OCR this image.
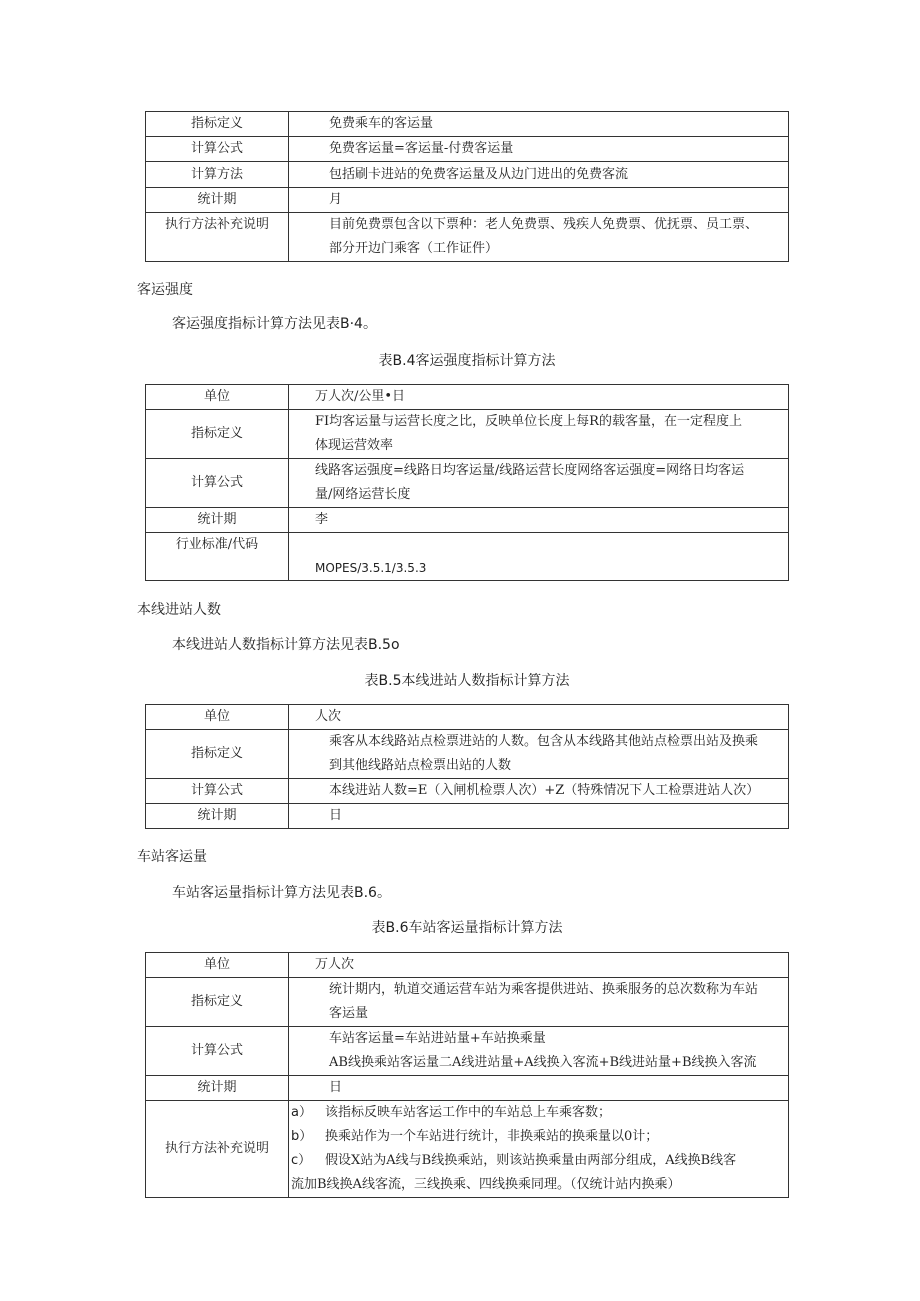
指标定义	免费乘车的客运量
计算公式	免费客运量=客运量-付费客运量
计算方法	包括刷卡进站的免费客运量及从边门进出的免费客流
统计期	月
执行方法补充说明	目前免费票包含以下票种：老人免费票、残疾人免费票、优抚票、员工票、
部分开边门乘客（工作证件）
客运强度
客运强度指标计算方法见表B·4。
表B.4客运强度指标计算方法
单位	万人次/公里•日
指标定义	FI均客运量与运营长度之比，反映单位长度上每R的载客量，在一定程度上
体现运营效率

计算公式	线路客运强度=线路日均客运量/线路运营长度网络客运强度=网络日均客运
量/网络运营长度

统计期	李
行业标准/代码	MOPES/3.5.1/3.5.3
本线进站人数
本线进站人数指标计算方法见表B.5o
表B.5本线进站人数指标计算方法
单位	人次
指标定义	乘客从本线路站点检票进站的人数。包含从本线路其他站点检票出站及换乘
到其他线路站点检票出站的人数

计算公式	本线进站人数=E（入闸机检票人次）+Z（特殊情况下人工检票进站人次）
统计期	日
车站客运量
车站客运量指标计算方法见表B.6。
表B.6车站客运量指标计算方法
单位	万人次
指标定义	统计期内，轨道交通运营车站为乘客提供进站、换乘服务的总次数称为车站
客运量

计算公式	车站客运量=车站进站量+车站换乘量
AB线换乘站客运量二A线进站量+A线换入客流+B线进站量+B线换入客流

统计期	日
执行方法补充说明	a） 该指标反映车站客运工作中的车站总上车乘客数；
b） 换乘站作为一个车站进行统计，非换乘站的换乘量以0计；
c） 假设X站为A线与B线换乘站，则该站换乘量由两部分组成，A线换B线客
流加B线换A线客流，三线换乘、四线换乘同理。（仅统计站内换乘）
